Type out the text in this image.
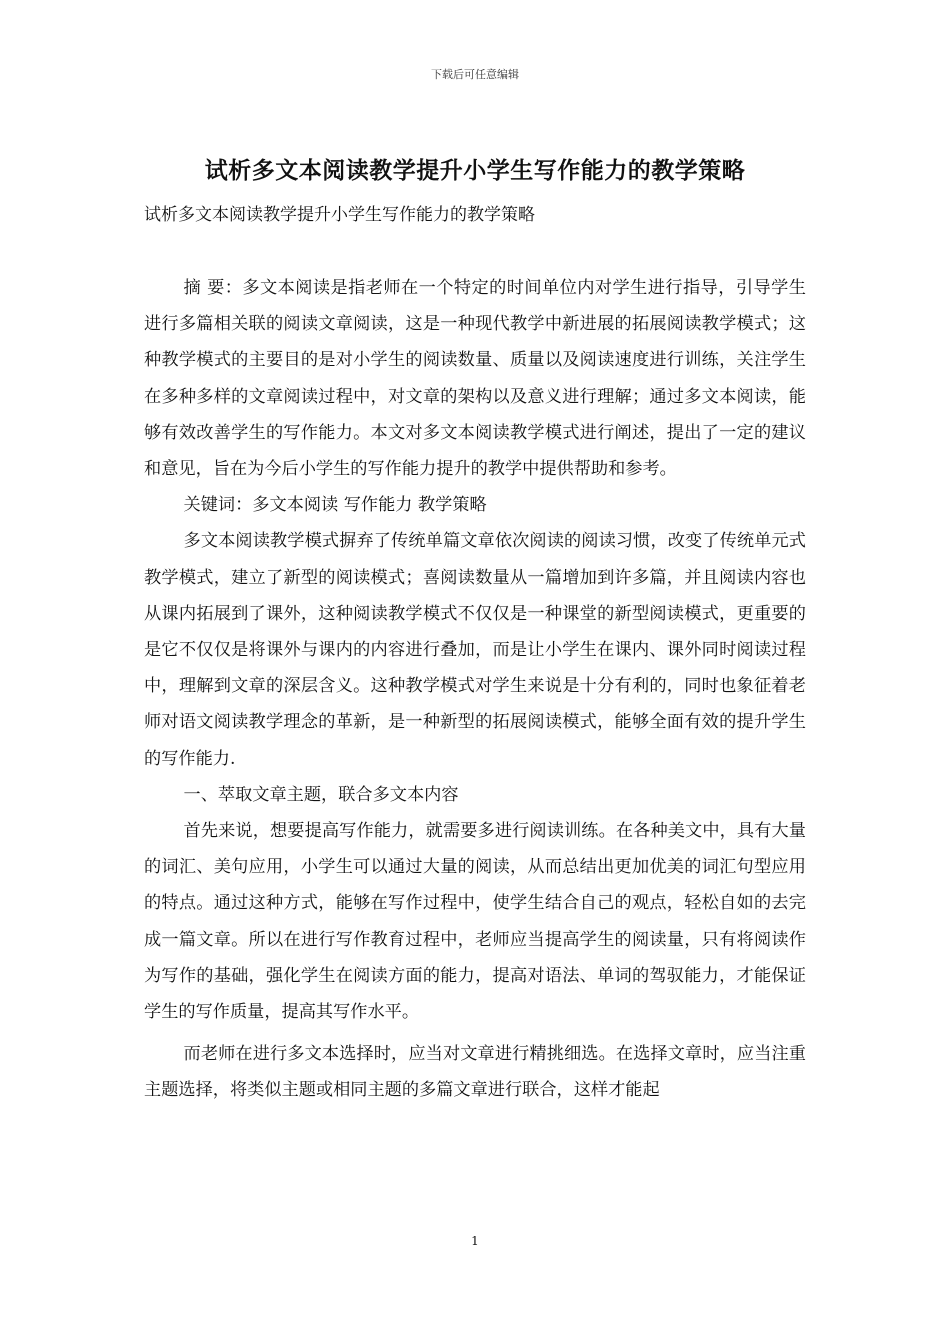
下载后可任意编辑
试析多文本阅读教学提升小学生写作能力的教学策略

试析多文本阅读教学提升小学生写作能力的教学策略

摘 要：多文本阅读是指老师在一个特定的时间单位内对学生进行指导，引导学生进行多篇相关联的阅读文章阅读，这是一种现代教学中新进展的拓展阅读教学模式；这种教学模式的主要目的是对小学生的阅读数量、质量以及阅读速度进行训练，关注学生在多种多样的文章阅读过程中，对文章的架构以及意义进行理解；通过多文本阅读，能够有效改善学生的写作能力。本文对多文本阅读教学模式进行阐述，提出了一定的建议和意见，旨在为今后小学生的写作能力提升的教学中提供帮助和参考。

关键词：多文本阅读 写作能力 教学策略

多文本阅读教学模式摒弃了传统单篇文章依次阅读的阅读习惯，改变了传统单元式教学模式，建立了新型的阅读模式；喜阅读数量从一篇增加到许多篇，并且阅读内容也从课内拓展到了课外，这种阅读教学模式不仅仅是一种课堂的新型阅读模式，更重要的是它不仅仅是将课外与课内的内容进行叠加，而是让小学生在课内、课外同时阅读过程中，理解到文章的深层含义。这种教学模式对学生来说是十分有利的，同时也象征着老师对语文阅读教学理念的革新，是一种新型的拓展阅读模式，能够全面有效的提升学生的写作能力.

一、萃取文章主题，联合多文本内容

首先来说，想要提高写作能力，就需要多进行阅读训练。在各种美文中，具有大量的词汇、美句应用，小学生可以通过大量的阅读，从而总结出更加优美的词汇句型应用的特点。通过这种方式，能够在写作过程中，使学生结合自己的观点，轻松自如的去完成一篇文章。所以在进行写作教育过程中，老师应当提高学生的阅读量，只有将阅读作为写作的基础，强化学生在阅读方面的能力，提高对语法、单词的驾驭能力，才能保证学生的写作质量，提高其写作水平。

而老师在进行多文本选择时，应当对文章进行精挑细选。在选择文章时，应当注重主题选择，将类似主题或相同主题的多篇文章进行联合，这样才能起

1
